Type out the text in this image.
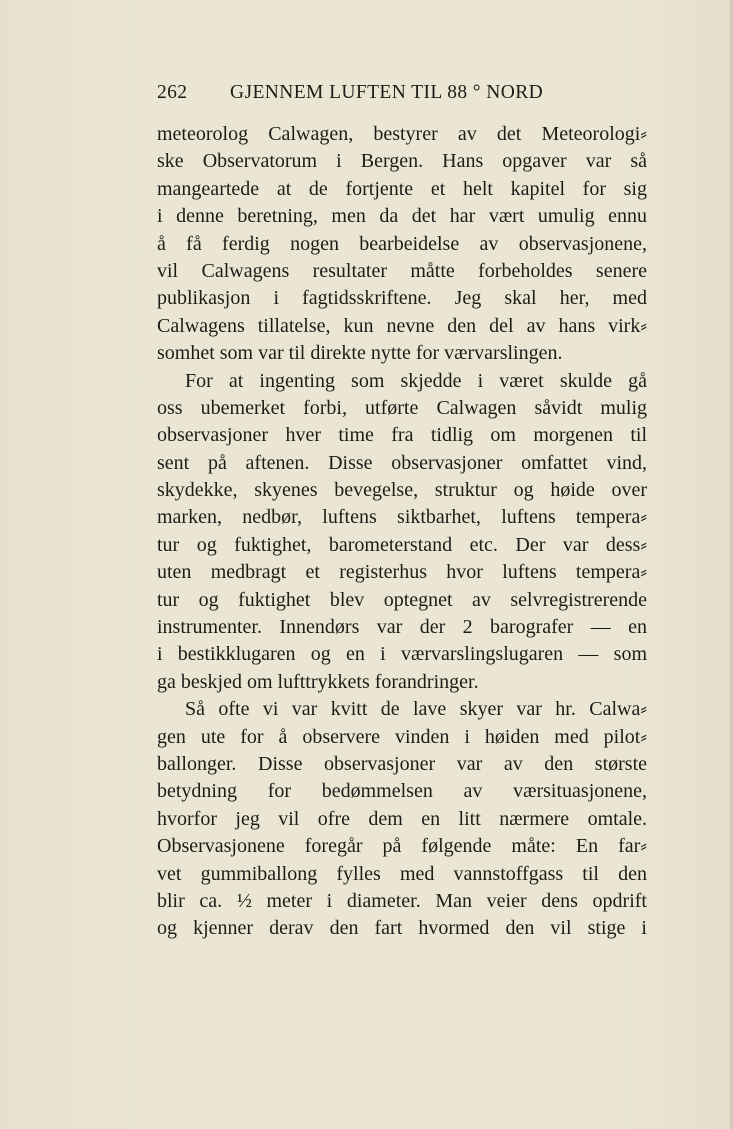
262 GJENNEM LUFTEN TIL 88 ° NORD
meteorolog Calwagen, bestyrer av det Meteorologi⸗
ske Observatorum i Bergen. Hans opgaver var så
mangeartede at de fortjente et helt kapitel for sig
i denne beretning, men da det har vært umulig ennu
å få ferdig nogen bearbeidelse av observasjonene,
vil Calwagens resultater måtte forbeholdes senere
publikasjon i fagtidsskriftene. Jeg skal her, med
Calwagens tillatelse, kun nevne den del av hans virk⸗
somhet som var til direkte nytte for værvarslingen.
For at ingenting som skjedde i været skulde gå
oss ubemerket forbi, utførte Calwagen såvidt mulig
observasjoner hver time fra tidlig om morgenen til
sent på aftenen. Disse observasjoner omfattet vind,
skydekke, skyenes bevegelse, struktur og høide over
marken, nedbør, luftens siktbarhet, luftens tempera⸗
tur og fuktighet, barometerstand etc. Der var dess⸗
uten medbragt et registerhus hvor luftens tempera⸗
tur og fuktighet blev optegnet av selvregistrerende
instrumenter. Innendørs var der 2 barografer — en
i bestikklugaren og en i værvarslingslugaren — som
ga beskjed om lufttrykkets forandringer.
Så ofte vi var kvitt de lave skyer var hr. Calwa⸗
gen ute for å observere vinden i høiden med pilot⸗
ballonger. Disse observasjoner var av den største
betydning for bedømmelsen av værsituasjonene,
hvorfor jeg vil ofre dem en litt nærmere omtale.
Observasjonene foregår på følgende måte: En far⸗
vet gummiballong fylles med vannstoffgass til den
blir ca. ½ meter i diameter. Man veier dens opdrift
og kjenner derav den fart hvormed den vil stige i
